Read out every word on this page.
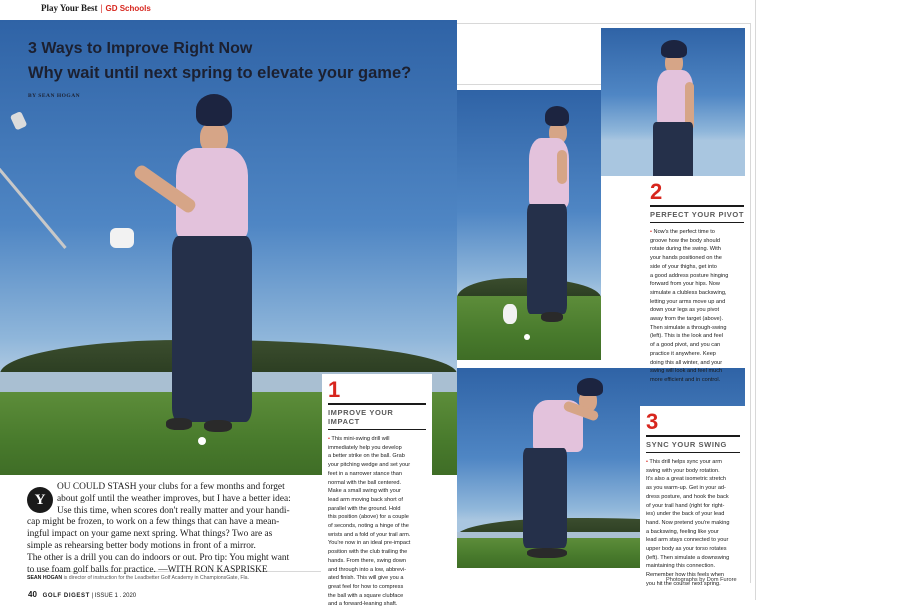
Play Your Best | GD Schools
3 Ways to Improve Right Now
Why wait until next spring to elevate your game?
BY SEAN HOGAN
Y
OU COULD STASH your clubs for a few months and forget
about golf until the weather improves, but I have a better idea:
Use this time, when scores don't really matter and your handi-
cap might be frozen, to work on a few things that can have a mean-
ingful impact on your game next spring. What things? Two are as
simple as rehearsing better body motions in front of a mirror.
The other is a drill you can do indoors or out. Pro tip: You might want
to use foam golf balls for practice. —WITH RON KASPRISKE
SEAN HOGAN is director of instruction for the Leadbetter Golf Academy in ChampionsGate, Fla.
1
IMPROVE YOUR IMPACT
• This mini-swing drill will
immediately help you develop
a better strike on the ball. Grab
your pitching wedge and set your
feet in a narrower stance than
normal with the ball centered.
Make a small swing with your
lead arm moving back short of
parallel with the ground. Hold
this position (above) for a couple
of seconds, noting a hinge of the
wrists and a fold of your trail arm.
You're now in an ideal pre-impact
position with the club trailing the
hands. From there, swing down
and through into a low, abbrevi-
ated finish. This will give you a
great feel for how to compress
the ball with a square clubface
and a forward-leaning shaft.
2
PERFECT YOUR PIVOT
• Now's the perfect time to
groove how the body should
rotate during the swing. With
your hands positioned on the
side of your thighs, get into
a good address posture hinging
forward from your hips. Now
simulate a clubless backswing,
letting your arms move up and
down your legs as you pivot
away from the target (above).
Then simulate a through-swing
(left). This is the look and feel
of a good pivot, and you can
practice it anywhere. Keep
doing this all winter, and your
swing will look and feel much
more efficient and in control.
3
SYNC YOUR SWING
• This drill helps sync your arm
swing with your body rotation.
It's also a great isometric stretch
as you warm-up. Get in your ad-
dress posture, and hook the back
of your trail hand (right for right-
ies) under the back of your lead
hand. Now pretend you're making
a backswing, feeling like your
lead arm stays connected to your
upper body as your torso rotates
(left). Then simulate a downswing
maintaining this connection.
Remember how this feels when
you hit the course next spring.
40 GOLF DIGEST | ISSUE 1 . 2020
Photographs by Dom Furore
